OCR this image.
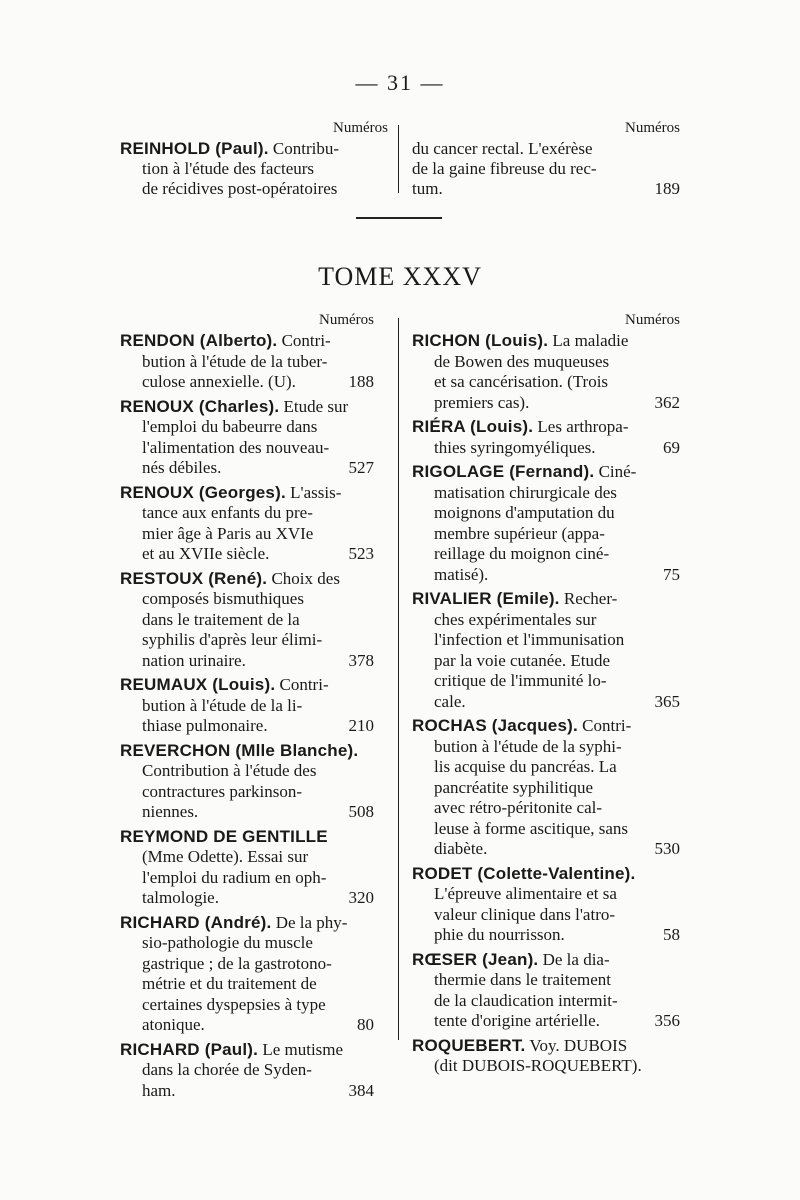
— 31 —
Numéros
REINHOLD (Paul). Contribu-
tion à l'étude des facteurs
de récidives post-opératoires
Numéros
du cancer rectal. L'exérèse
de la gaine fibreuse du rec-
tum.	189
TOME XXXV
Numéros
RENDON (Alberto). Contri-
bution à l'étude de la tuber-
culose annexielle. (U).	188
RENOUX (Charles). Etude sur
l'emploi du babeurre dans
l'alimentation des nouveau-
nés débiles.	527
RENOUX (Georges). L'assis-
tance aux enfants du pre-
mier âge à Paris au XVIe
et au XVIIe siècle.	523
RESTOUX (René). Choix des
composés bismuthiques
dans le traitement de la
syphilis d'après leur élimi-
nation urinaire.	378
REUMAUX (Louis). Contri-
bution à l'étude de la li-
thiase pulmonaire.	210
REVERCHON (Mlle Blanche).
Contribution à l'étude des
contractures parkinson-
niennes.	508
REYMOND DE GENTILLE
(Mme Odette). Essai sur
l'emploi du radium en oph-
talmologie.	320
RICHARD (André). De la phy-
sio-pathologie du muscle
gastrique ; de la gastrotono-
métrie et du traitement de
certaines dyspepsies à type
atonique.	80
RICHARD (Paul). Le mutisme
dans la chorée de Syden-
ham.	384
Numéros
RICHON (Louis). La maladie
de Bowen des muqueuses
et sa cancérisation. (Trois
premiers cas).	362
RIÉRA (Louis). Les arthropa-
thies syringomyéliques.	69
RIGOLAGE (Fernand). Ciné-
matisation chirurgicale des
moignons d'amputation du
membre supérieur (appa-
reillage du moignon ciné-
matisé).	75
RIVALIER (Emile). Recher-
ches expérimentales sur
l'infection et l'immunisation
par la voie cutanée. Etude
critique de l'immunité lo-
cale.	365
ROCHAS (Jacques). Contri-
bution à l'étude de la syphi-
lis acquise du pancréas. La
pancréatite syphilitique
avec rétro-péritonite cal-
leuse à forme ascitique, sans
diabète.	530
RODET (Colette-Valentine).
L'épreuve alimentaire et sa
valeur clinique dans l'atro-
phie du nourrisson.	58
RŒSER (Jean). De la dia-
thermie dans le traitement
de la claudication intermit-
tente d'origine artérielle.	356
ROQUEBERT. Voy. DUBOIS
(dit DUBOIS-ROQUEBERT).
